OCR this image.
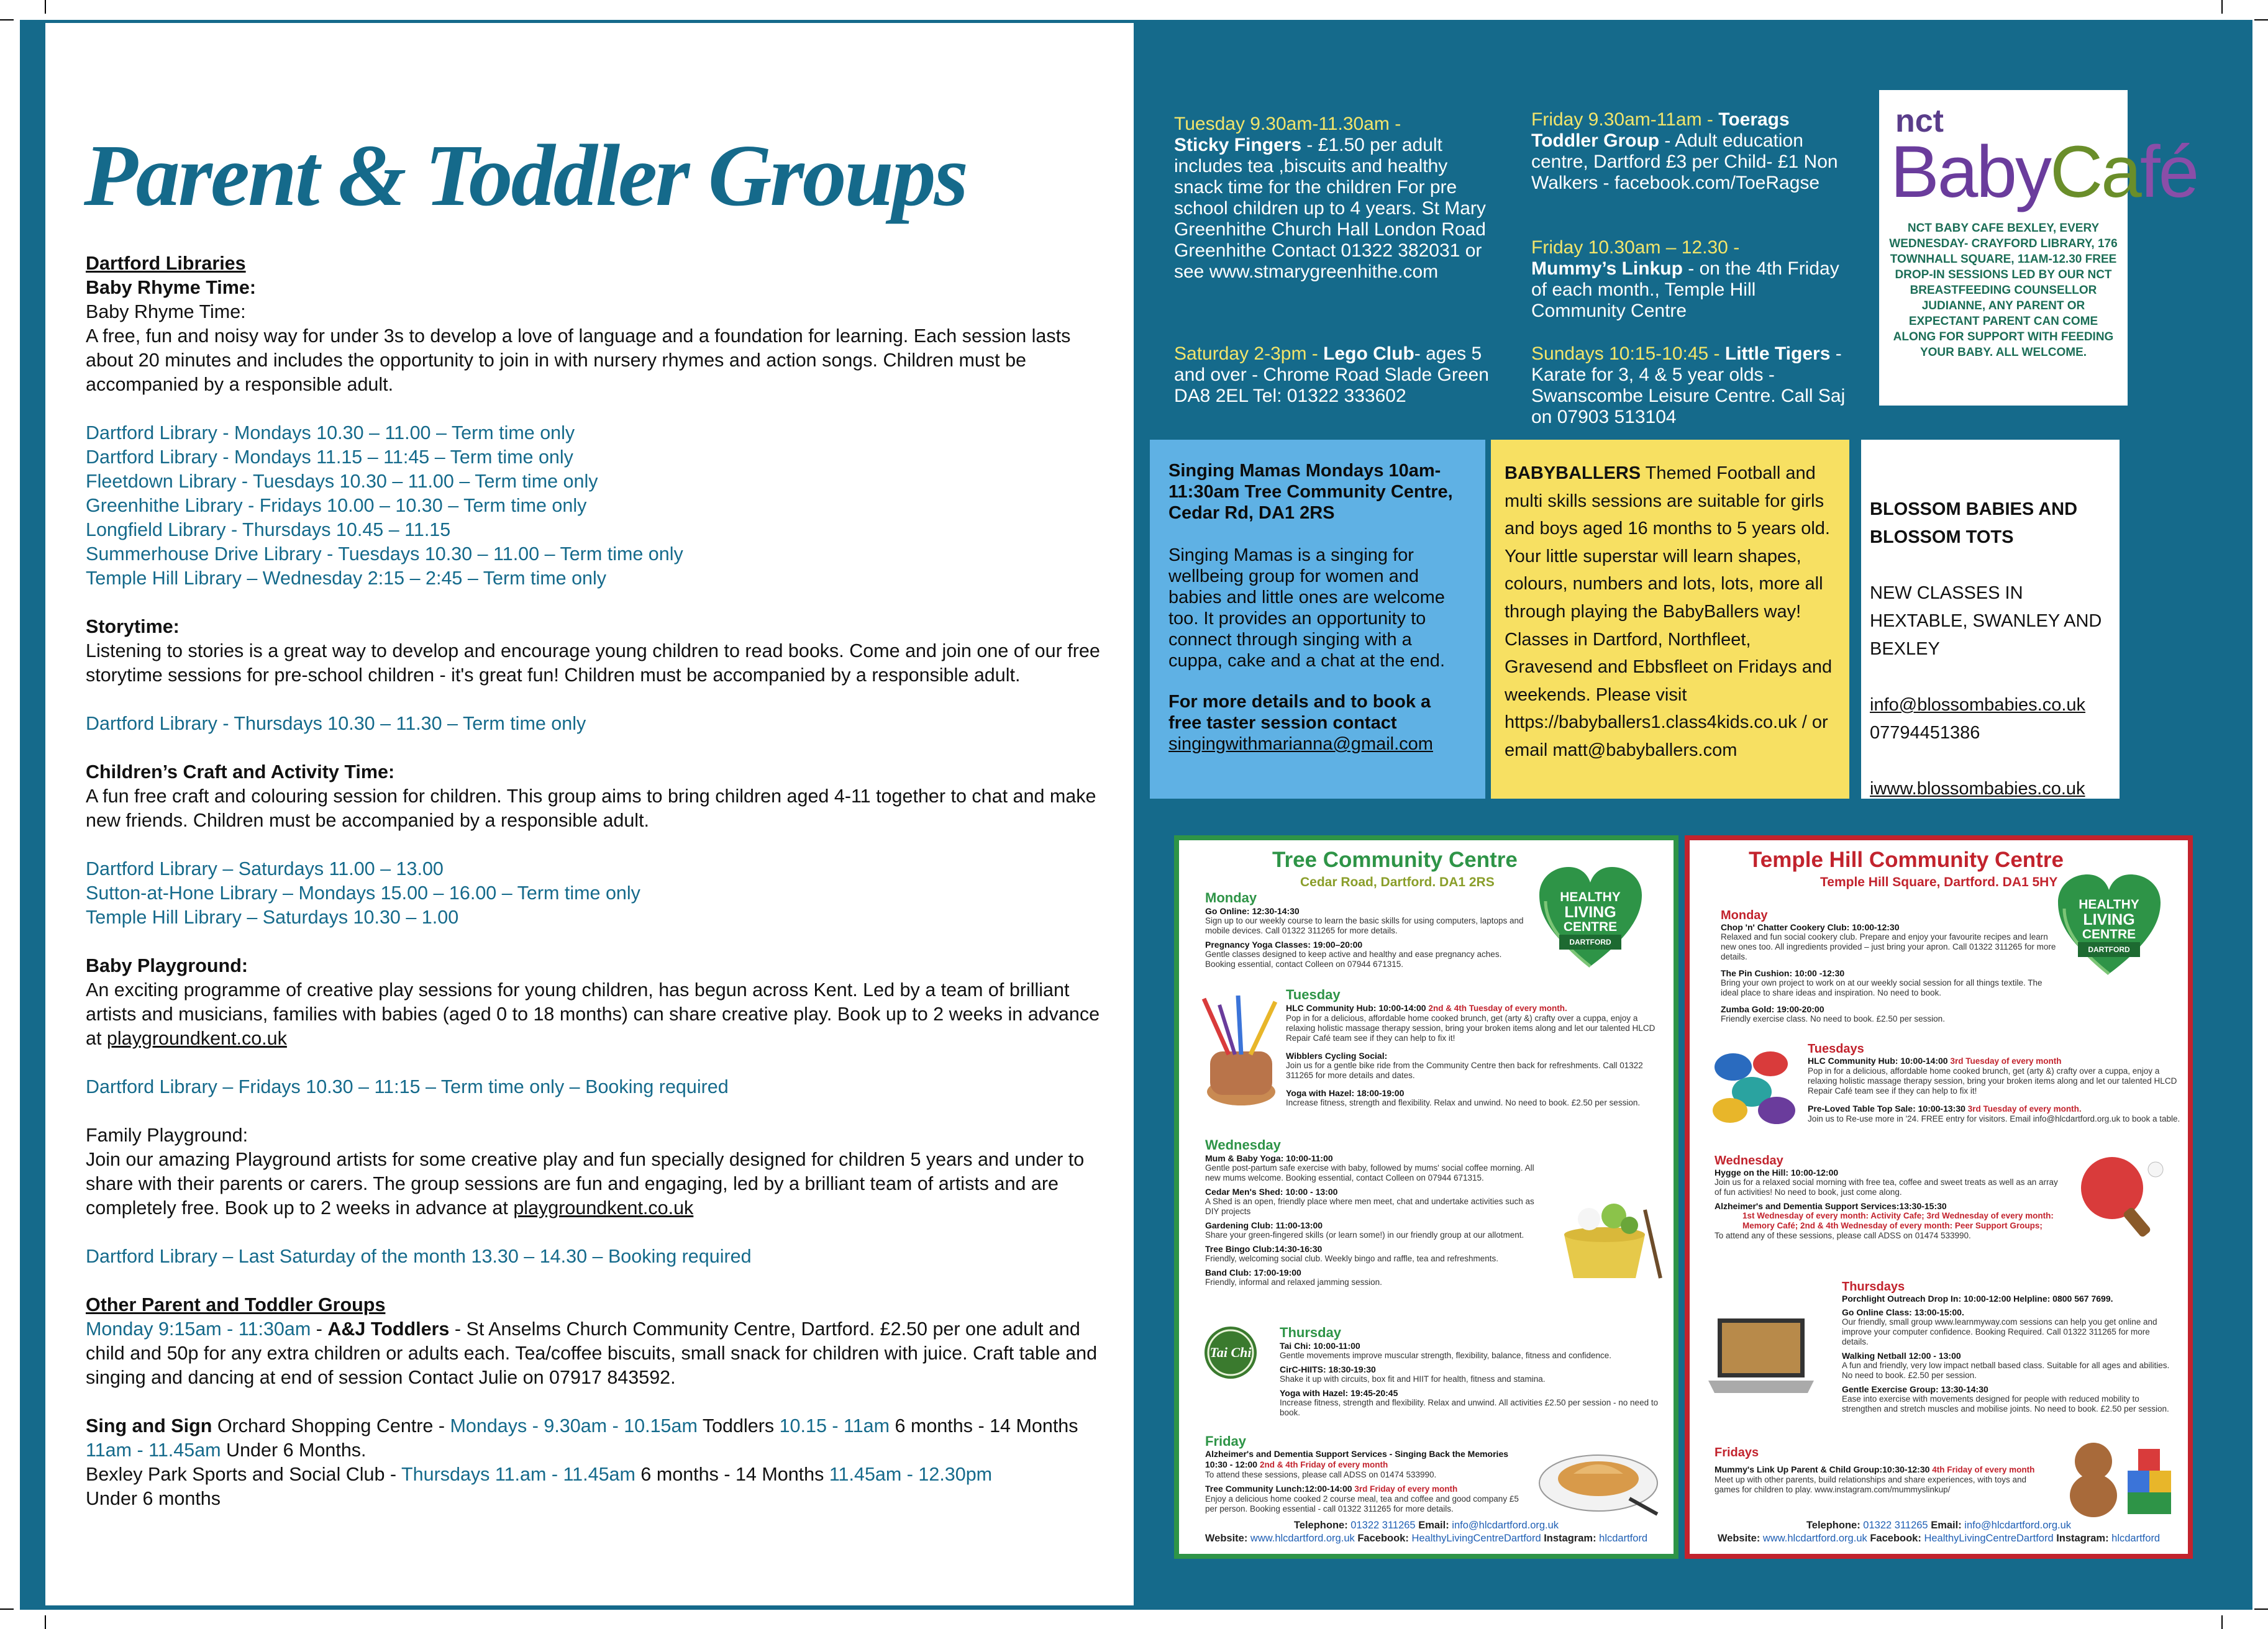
Parent & Toddler Groups

Dartford Libraries

Baby Rhyme Time:

Baby Rhyme Time:

A free, fun and noisy way for under 3s to develop a love of language and a foundation for learning. Each session lasts about 20 minutes and includes the opportunity to join in with nursery rhymes and action songs. Children must be accompanied by a responsible adult.

Dartford Library - Mondays 10.30 – 11.00 – Term time only

Dartford Library - Mondays 11.15 – 11:45 – Term time only

Fleetdown Library - Tuesdays 10.30 – 11.00 – Term time only

Greenhithe Library - Fridays 10.00 – 10.30 – Term time only

Longfield Library - Thursdays 10.45 – 11.15

Summerhouse Drive Library - Tuesdays 10.30 – 11.00 – Term time only

Temple Hill Library – Wednesday 2:15 – 2:45 – Term time only

Storytime:

Listening to stories is a great way to develop and encourage young children to read books. Come and join one of our free storytime sessions for pre-school children - it's great fun! Children must be accompanied by a responsible adult.

Dartford Library - Thursdays 10.30 – 11.30 – Term time only

Children’s Craft and Activity Time:

A fun free craft and colouring session for children. This group aims to bring children aged 4-11 together to chat and make new friends. Children must be accompanied by a responsible adult.

Dartford Library – Saturdays 11.00 – 13.00

Sutton-at-Hone Library – Mondays 15.00 – 16.00 – Term time only

Temple Hill Library – Saturdays 10.30 – 1.00

Baby Playground:

An exciting programme of creative play sessions for young children, has begun across Kent. Led by a team of brilliant artists and musicians, families with babies (aged 0 to 18 months) can share creative play. Book up to 2 weeks in advance at playgroundkent.co.uk

Dartford Library – Fridays 10.30 – 11:15 – Term time only – Booking required

Family Playground:

Join our amazing Playground artists for some creative play and fun specially designed for children 5 years and under to share with their parents or carers. The group sessions are fun and engaging, led by a brilliant team of artists and are completely free. Book up to 2 weeks in advance at playgroundkent.co.uk

Dartford Library – Last Saturday of the month 13.30 – 14.30 – Booking required

Other Parent and Toddler Groups

Monday 9:15am - 11:30am - A&J Toddlers - St Anselms Church Community Centre, Dartford. £2.50 per one adult and child and 50p for any extra children or adults each. Tea/coffee biscuits, small snack for children with juice. Craft table and singing and dancing at end of session Contact Julie on 07917 843592.

Sing and Sign Orchard Shopping Centre - Mondays - 9.30am - 10.15am Toddlers 10.15 - 11am 6 months - 14 Months 11am - 11.45am Under 6 Months.

Bexley Park Sports and Social Club - Thursdays 11.am - 11.45am 6 months - 14 Months 11.45am - 12.30pm

Under 6 months

Tuesday 9.30am-11.30am -
Sticky Fingers - £1.50 per adult includes tea ,biscuits and healthy snack time for the children For pre school children up to 4 years. St Mary Greenhithe Church Hall London Road Greenhithe Contact 01322 382031 or see www.stmarygreenhithe.com
Saturday 2-3pm - Lego Club- ages 5 and over - Chrome Road Slade Green DA8 2EL Tel: 01322 333602
Friday 9.30am-11am - Toerags Toddler Group - Adult education centre, Dartford £3 per Child- £1 Non Walkers - facebook.com/ToeRagse
Friday 10.30am – 12.30 -
Mummy’s Linkup - on the 4th Friday of each month., Temple Hill Community Centre
Sundays 10:15-10:45 - Little Tigers - Karate for 3, 4 & 5 year olds - Swanscombe Leisure Centre. Call Saj on 07903 513104
nct
BabyCafé
NCT BABY CAFE BEXLEY, EVERY WEDNESDAY- CRAYFORD LIBRARY, 176 TOWNHALL SQUARE, 11AM-12.30 FREE DROP-IN SESSIONS LED BY OUR NCT BREASTFEEDING COUNSELLOR JUDIANNE, ANY PARENT OR EXPECTANT PARENT CAN COME ALONG FOR SUPPORT WITH FEEDING YOUR BABY. ALL WELCOME.
Singing Mamas Mondays 10am- 11:30am Tree Community Centre, Cedar Rd, DA1 2RS
Singing Mamas is a singing for wellbeing group for women and babies and little ones are welcome too. It provides an opportunity to connect through singing with a cuppa, cake and a chat at the end.
For more details and to book a free taster session contact
singingwithmarianna@gmail.com
BABYBALLERS Themed Football and multi skills sessions are suitable for girls and boys aged 16 months to 5 years old. Your little superstar will learn shapes, colours, numbers and lots, lots, more all through playing the BabyBallers way! Classes in Dartford, Northfleet, Gravesend and Ebbsfleet on Fridays and weekends. Please visit https://babyballers1.class4kids.co.uk / or email matt@babyballers.com
BLOSSOM BABIES AND BLOSSOM TOTS
NEW CLASSES IN HEXTABLE, SWANLEY AND BEXLEY
info@blossombabies.co.uk
07794451386
iwww.blossombabies.co.uk
Tree Community Centre
Cedar Road, Dartford. DA1 2RS
HEALTHY
LIVING
CENTRE
DARTFORD
Monday
Go Online: 12:30-14:30
Sign up to our weekly course to learn the basic skills for using computers, laptops and mobile devices. Call 01322 311265 for more details.
Pregnancy Yoga Classes: 19:00–20:00
Gentle classes designed to keep active and healthy and ease pregnancy aches. Booking essential, contact Colleen on 07944 671315.
Tuesday
HLC Community Hub: 10:00-14:00 2nd & 4th Tuesday of every month.
Pop in for a delicious, affordable home cooked brunch, get (arty &) crafty over a cuppa, enjoy a relaxing holistic massage therapy session, bring your broken items along and let our talented HLCD Repair Café team see if they can help to fix it!
Wibblers Cycling Social:
Join us for a gentle bike ride from the Community Centre then back for refreshments. Call 01322 311265 for more details and dates.
Yoga with Hazel: 18:00-19:00
Increase fitness, strength and flexibility. Relax and unwind. No need to book. £2.50 per session.
Wednesday
Mum & Baby Yoga: 10:00-11:00
Gentle post-partum safe exercise with baby, followed by mums' social coffee morning. All new mums welcome. Booking essential, contact Colleen on 07944 671315.
Cedar Men's Shed: 10:00 - 13:00
A Shed is an open, friendly place where men meet, chat and undertake activities such as DIY projects
Gardening Club: 11:00-13:00
Share your green-fingered skills (or learn some!) in our friendly group at our allotment.
Tree Bingo Club:14:30-16:30
Friendly, welcoming social club. Weekly bingo and raffle, tea and refreshments.
Band Club: 17:00-19:00
Friendly, informal and relaxed jamming session.
Tai Chi
Thursday
Tai Chi: 10:00-11:00
Gentle movements improve muscular strength, flexibility, balance, fitness and confidence.
CirC-HIITS: 18:30-19:30
Shake it up with circuits, box fit and HIIT for health, fitness and stamina.
Yoga with Hazel: 19:45-20:45
Increase fitness, strength and flexibility. Relax and unwind. All activities £2.50 per session - no need to book.
Friday
Alzheimer's and Dementia Support Services - Singing Back the Memories 10:30 - 12:00 2nd & 4th Friday of every month
To attend these sessions, please call ADSS on 01474 533990.
Tree Community Lunch:12:00-14:00 3rd Friday of every month
Enjoy a delicious home cooked 2 course meal, tea and coffee and good company £5 per person. Booking essential - call 01322 311265 for more details.
Telephone: 01322 311265 Email: info@hlcdartford.org.uk
Website: www.hlcdartford.org.uk Facebook: HealthyLivingCentreDartford Instagram: hlcdartford
Temple Hill Community Centre
Temple Hill Square, Dartford. DA1 5HY
HEALTHY
LIVING
CENTRE
DARTFORD
Monday
Chop 'n' Chatter Cookery Club: 10:00-12:30
Relaxed and fun social cookery club. Prepare and enjoy your favourite recipes and learn new ones too. All ingredients provided – just bring your apron. Call 01322 311265 for more details.
The Pin Cushion: 10:00 -12:30
Bring your own project to work on at our weekly social session for all things textile. The ideal place to share ideas and inspiration. No need to book.
Zumba Gold: 19:00-20:00
Friendly exercise class. No need to book. £2.50 per session.
Tuesdays
HLC Community Hub: 10:00-14:00 3rd Tuesday of every month
Pop in for a delicious, affordable home cooked brunch, get (arty &) crafty over a cuppa, enjoy a relaxing holistic massage therapy session, bring your broken items along and let our talented HLCD Repair Café team see if they can help to fix it!
Pre-Loved Table Top Sale: 10:00-13:30 3rd Tuesday of every month.
Join us to Re-use more in '24. FREE entry for visitors. Email info@hlcdartford.org.uk to book a table.
Wednesday
Hygge on the Hill: 10:00-12:00
Join us for a relaxed social morning with free tea, coffee and sweet treats as well as an array of fun activities! No need to book, just come along.
Alzheimer's and Dementia Support Services:13:30-15:30
1st Wednesday of every month: Activity Cafe; 3rd Wednesday of every month: Memory Café; 2nd & 4th Wednesday of every month: Peer Support Groups;
To attend any of these sessions, please call ADSS on 01474 533990.
Thursdays
Porchlight Outreach Drop In: 10:00-12:00 Helpline: 0800 567 7699.
Go Online Class: 13:00-15:00.
Our friendly, small group www.learnmyway.com sessions can help you get online and improve your computer confidence. Booking Required. Call 01322 311265 for more details.
Walking Netball 12:00 - 13:00
A fun and friendly, very low impact netball based class. Suitable for all ages and abilities. No need to book. £2.50 per session.
Gentle Exercise Group: 13:30-14:30
Ease into exercise with movements designed for people with reduced mobility to strengthen and stretch muscles and mobilise joints. No need to book. £2.50 per session.
Fridays
Mummy's Link Up Parent & Child Group:10:30-12:30 4th Friday of every month
Meet up with other parents, build relationships and share experiences, with toys and games for children to play. www.instagram.com/mummyslinkup/
Telephone: 01322 311265 Email: info@hlcdartford.org.uk
Website: www.hlcdartford.org.uk Facebook: HealthyLivingCentreDartford Instagram: hlcdartford
